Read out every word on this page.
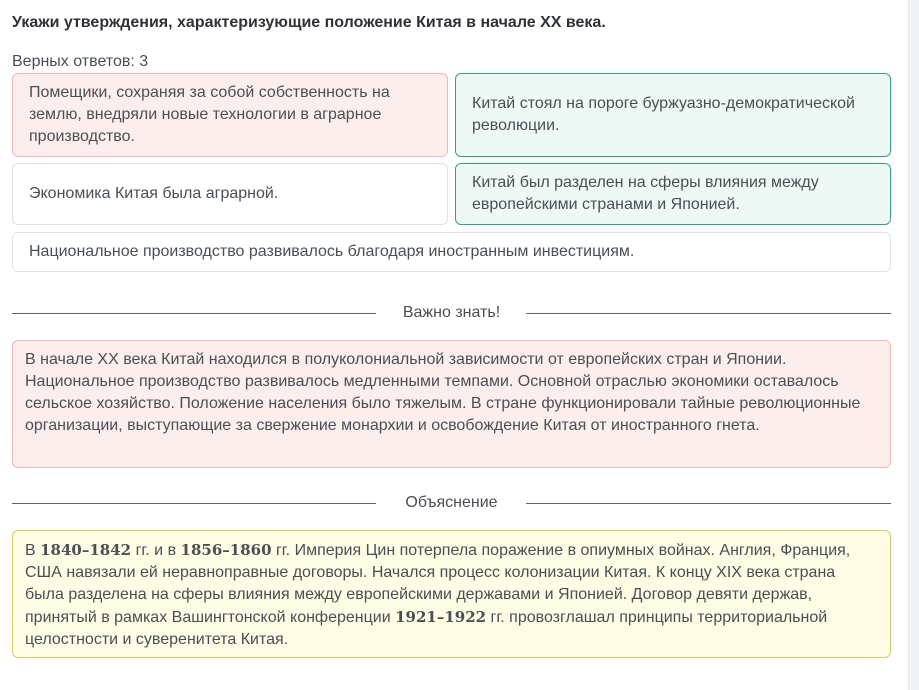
Укажи утверждения, характеризующие положение Китая в начале XX века.
Верных ответов: 3
Помещики, сохраняя за собой собственность на землю, внедряли новые технологии в аграрное производство.
Китай стоял на пороге буржуазно-демократической революции.
Экономика Китая была аграрной.
Китай был разделен на сферы влияния между европейскими странами и Японией.
Национальное производство развивалось благодаря иностранным инвестициям.
Важно знать!
В начале XX века Китай находился в полуколониальной зависимости от европейских стран и Японии. Национальное производство развивалось медленными темпами. Основной отраслью экономики оставалось сельское хозяйство. Положение населения было тяжелым. В стране функционировали тайные революционные организации, выступающие за свержение монархии и освобождение Китая от иностранного гнета.
Объяснение
В 1840–1842 гг. и в 1856–1860 гг. Империя Цин потерпела поражение в опиумных войнах. Англия, Франция, США навязали ей неравноправные договоры. Начался процесс колонизации Китая. К концу XIX века страна была разделена на сферы влияния между европейскими державами и Японией. Договор девяти держав, принятый в рамках Вашингтонской конференции 1921–1922 гг. провозглашал принципы территориальной целостности и суверенитета Китая.
